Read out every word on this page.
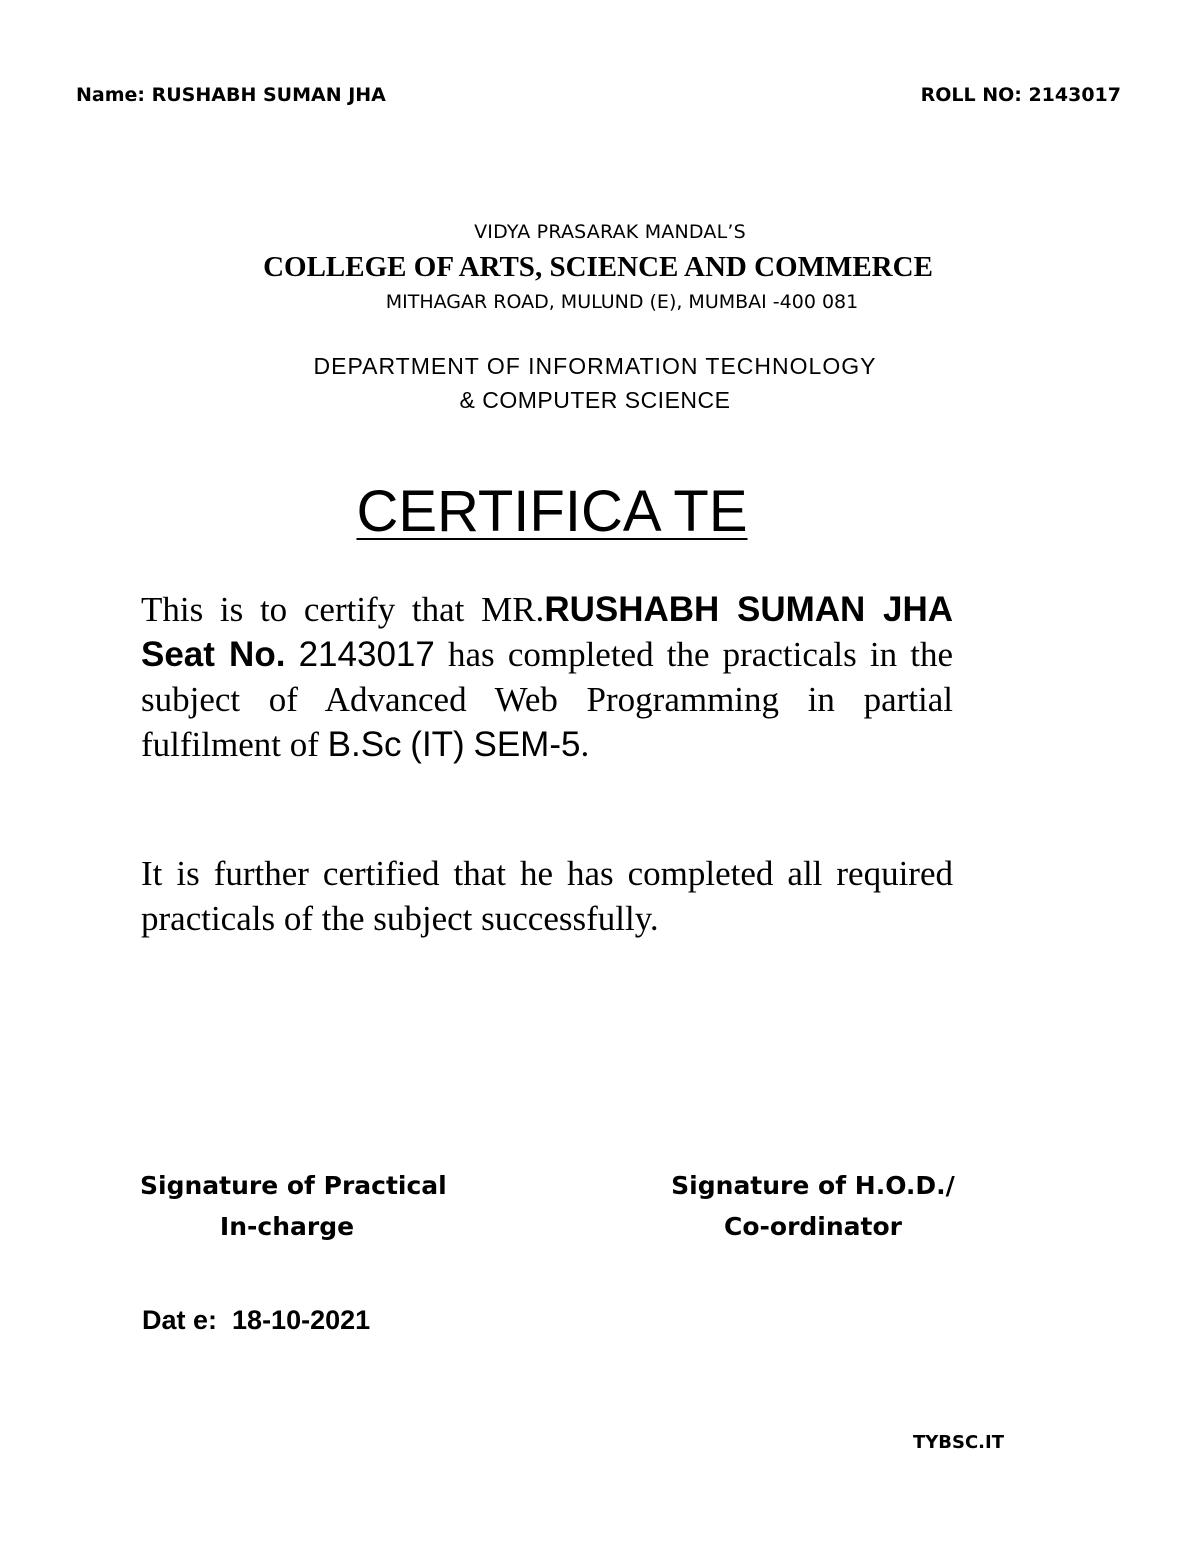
Name: RUSHABH SUMAN JHA	ROLL NO: 2143017
VIDYA PRASARAK MANDAL’S
COLLEGE OF ARTS, SCIENCE AND COMMERCE
MITHAGAR ROAD, MULUND (E), MUMBAI -400 081
DEPARTMENT OF INFORMATION TECHNOLOGY
& COMPUTER SCIENCE
CERTIFICA TE
This is to certify that MR.RUSHABH SUMAN JHA Seat No. 2143017 has completed the practicals in the subject of Advanced Web Programming in partial fulfilment of B.Sc (IT) SEM-5.
It is further certified that he has completed all required practicals of the subject successfully.
Signature of Practical
In-charge
Signature of H.O.D./
Co-ordinator
Dat e: 18-10-2021
TYBSC.IT
